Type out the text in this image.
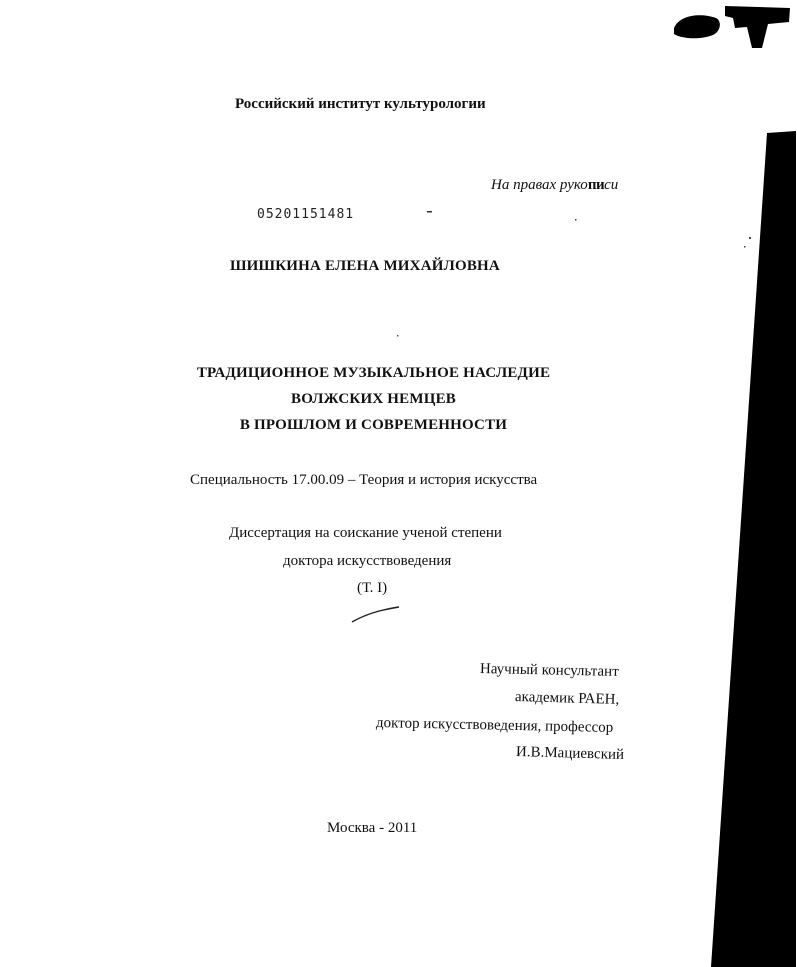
Российский институт культурологии
На правах рукописи
05201151481
ШИШКИНА ЕЛЕНА МИХАЙЛОВНА
ТРАДИЦИОННОЕ МУЗЫКАЛЬНОЕ НАСЛЕДИЕ
ВОЛЖСКИХ НЕМЦЕВ
В ПРОШЛОМ И СОВРЕМЕННОСТИ
Специальность 17.00.09 – Теория и история искусства
Диссертация на соискание ученой степени
доктора искусствоведения
(Т. I)
Научный консультант
академик РАЕН,
доктор искусствоведения, профессор
И.В.Мациевский
Москва - 2011
